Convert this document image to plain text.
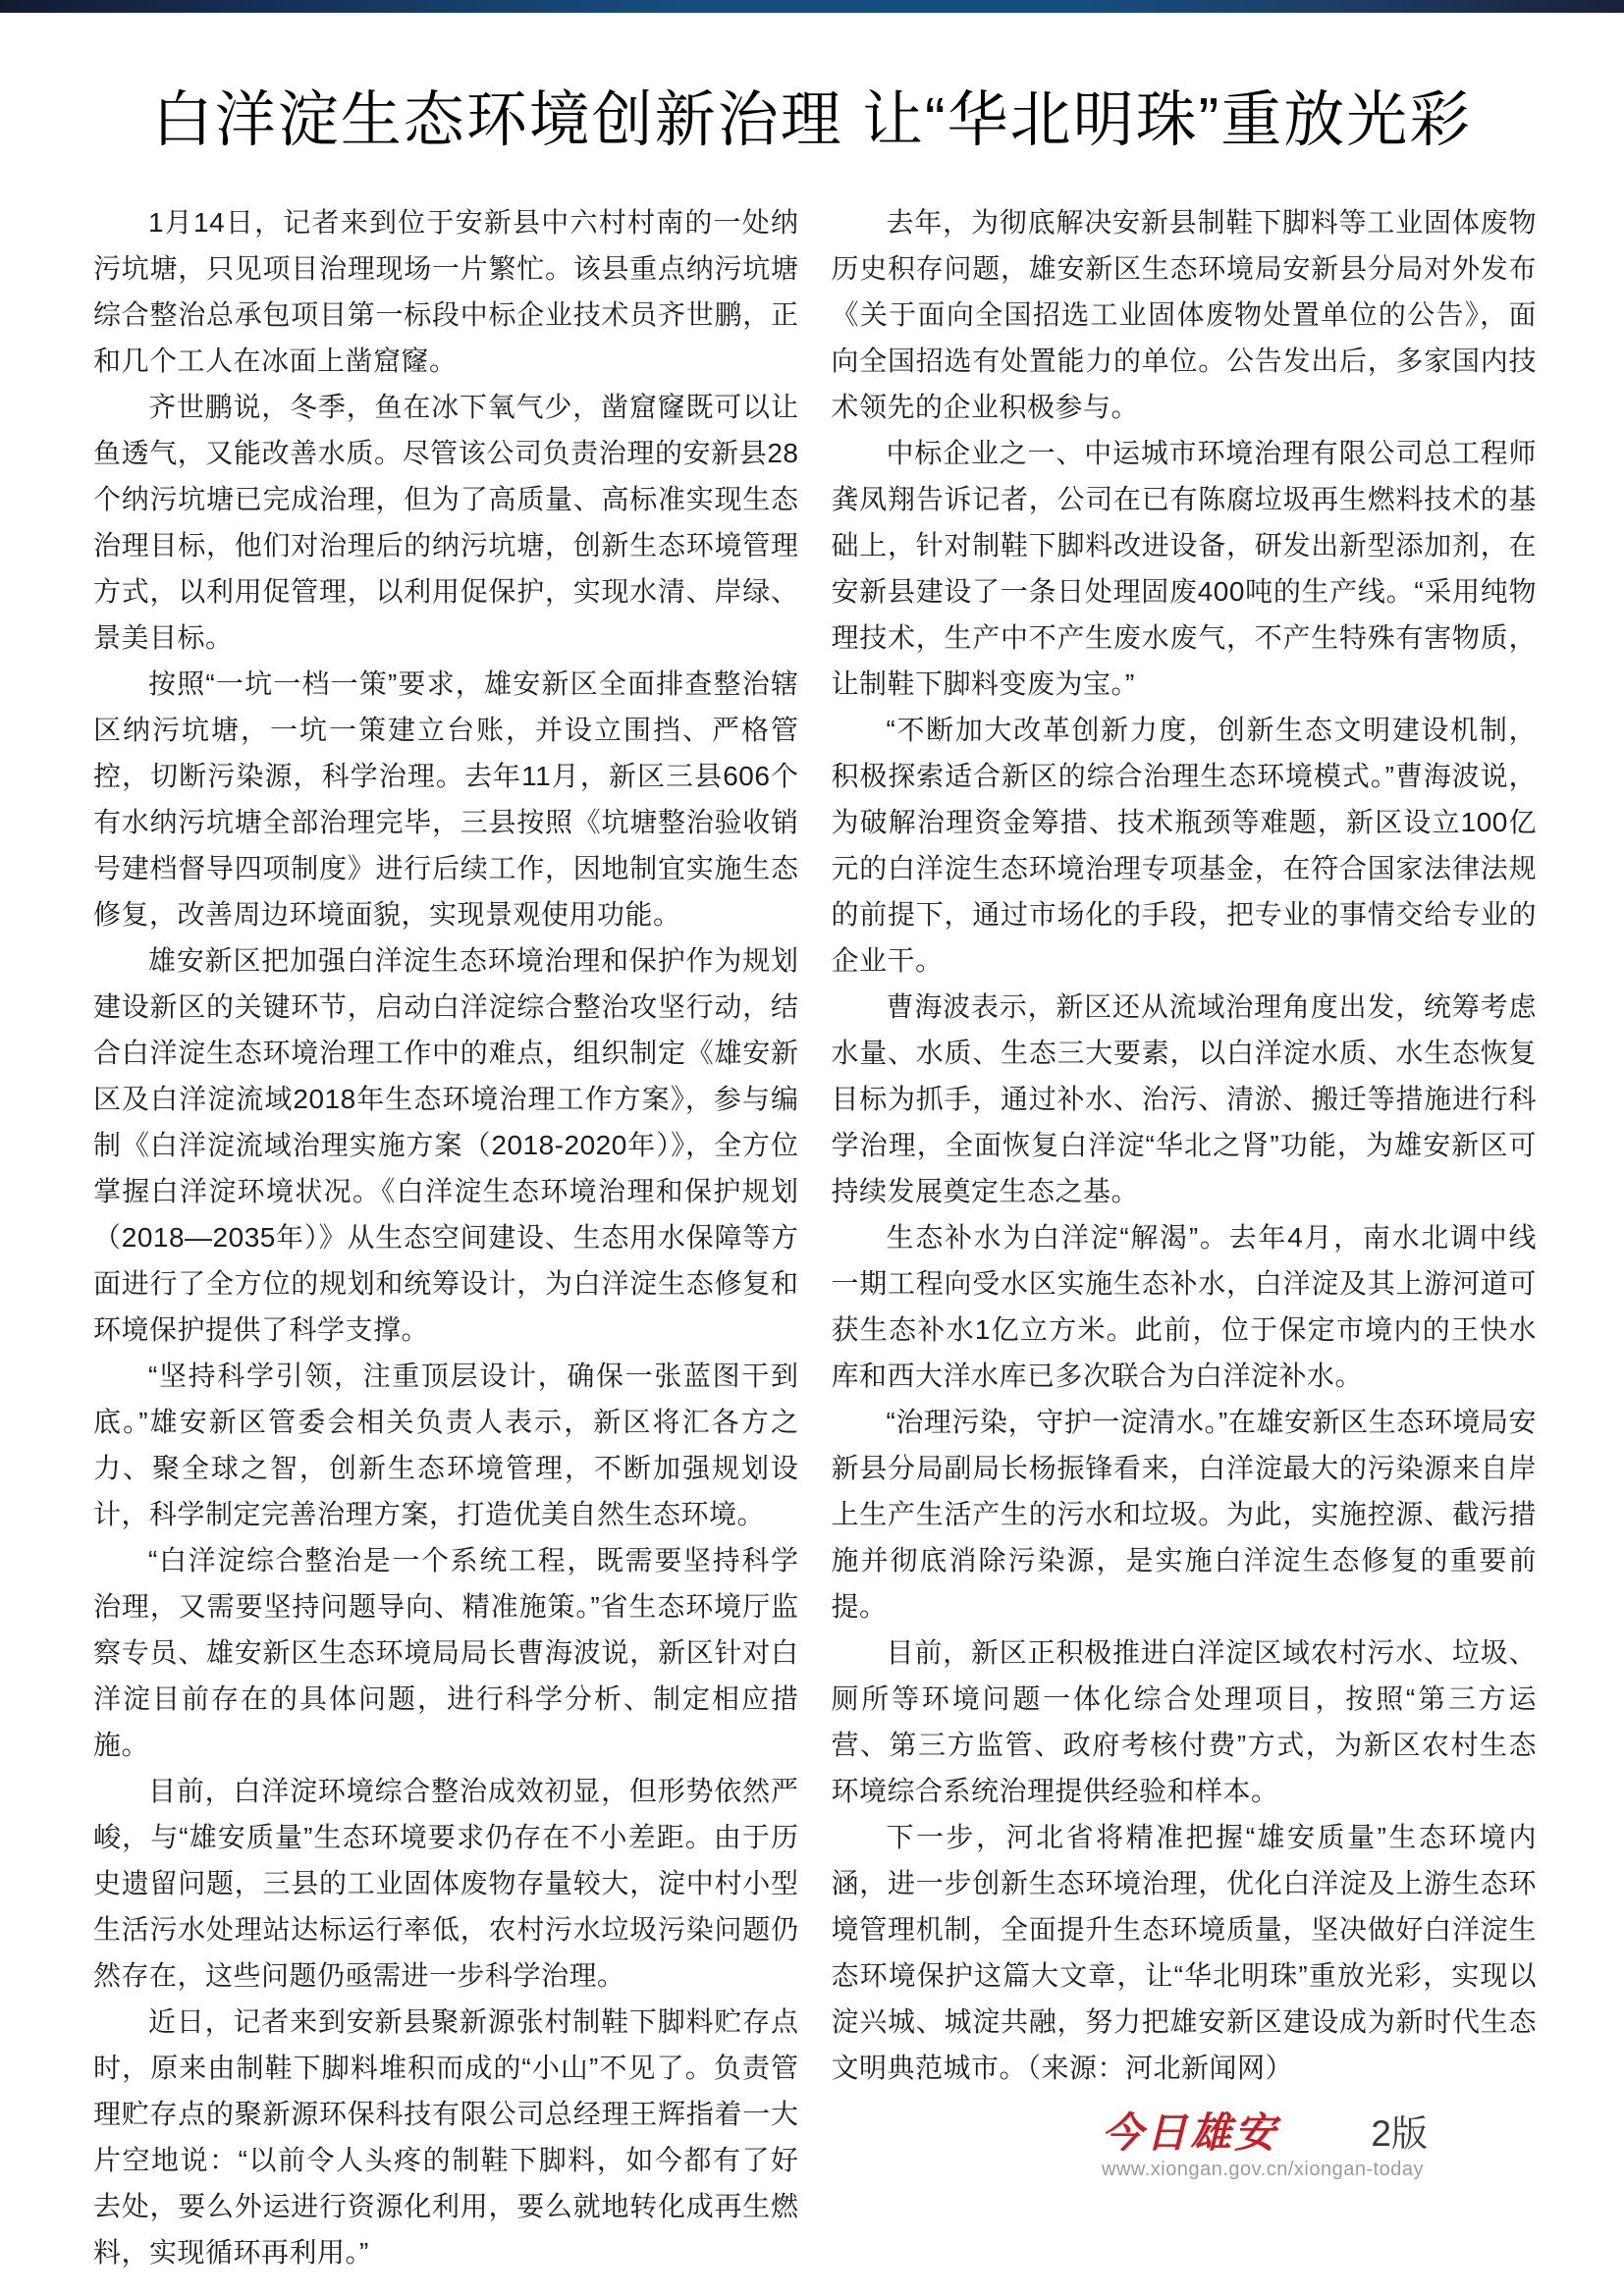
白洋淀生态环境创新治理 让“华北明珠”重放光彩

1月14日，记者来到位于安新县中六村村南的一处纳污坑塘，只见项目治理现场一片繁忙。该县重点纳污坑塘综合整治总承包项目第一标段中标企业技术员齐世鹏，正和几个工人在冰面上凿窟窿。

齐世鹏说，冬季，鱼在冰下氧气少，凿窟窿既可以让鱼透气，又能改善水质。尽管该公司负责治理的安新县28个纳污坑塘已完成治理，但为了高质量、高标准实现生态治理目标，他们对治理后的纳污坑塘，创新生态环境管理方式，以利用促管理，以利用促保护，实现水清、岸绿、景美目标。

按照“一坑一档一策”要求，雄安新区全面排查整治辖区纳污坑塘，一坑一策建立台账，并设立围挡、严格管控，切断污染源，科学治理。去年11月，新区三县606个有水纳污坑塘全部治理完毕，三县按照《坑塘整治验收销号建档督导四项制度》进行后续工作，因地制宜实施生态修复，改善周边环境面貌，实现景观使用功能。

雄安新区把加强白洋淀生态环境治理和保护作为规划建设新区的关键环节，启动白洋淀综合整治攻坚行动，结合白洋淀生态环境治理工作中的难点，组织制定《雄安新区及白洋淀流域2018年生态环境治理工作方案》，参与编制《白洋淀流域治理实施方案（2018-2020年）》，全方位掌握白洋淀环境状况。《白洋淀生态环境治理和保护规划（2018—2035年）》从生态空间建设、生态用水保障等方面进行了全方位的规划和统筹设计，为白洋淀生态修复和环境保护提供了科学支撑。

“坚持科学引领，注重顶层设计，确保一张蓝图干到底。”雄安新区管委会相关负责人表示，新区将汇各方之力、聚全球之智，创新生态环境管理，不断加强规划设计，科学制定完善治理方案，打造优美自然生态环境。

“白洋淀综合整治是一个系统工程，既需要坚持科学治理，又需要坚持问题导向、精准施策。”省生态环境厅监察专员、雄安新区生态环境局局长曹海波说，新区针对白洋淀目前存在的具体问题，进行科学分析、制定相应措施。

目前，白洋淀环境综合整治成效初显，但形势依然严峻，与“雄安质量”生态环境要求仍存在不小差距。由于历史遗留问题，三县的工业固体废物存量较大，淀中村小型生活污水处理站达标运行率低，农村污水垃圾污染问题仍然存在，这些问题仍亟需进一步科学治理。

近日，记者来到安新县聚新源张村制鞋下脚料贮存点时，原来由制鞋下脚料堆积而成的“小山”不见了。负责管理贮存点的聚新源环保科技有限公司总经理王辉指着一大片空地说：“以前令人头疼的制鞋下脚料，如今都有了好去处，要么外运进行资源化利用，要么就地转化成再生燃料，实现循环再利用。”

去年，为彻底解决安新县制鞋下脚料等工业固体废物历史积存问题，雄安新区生态环境局安新县分局对外发布《关于面向全国招选工业固体废物处置单位的公告》，面向全国招选有处置能力的单位。公告发出后，多家国内技术领先的企业积极参与。

中标企业之一、中运城市环境治理有限公司总工程师龚凤翔告诉记者，公司在已有陈腐垃圾再生燃料技术的基础上，针对制鞋下脚料改进设备，研发出新型添加剂，在安新县建设了一条日处理固废400吨的生产线。“采用纯物理技术，生产中不产生废水废气，不产生特殊有害物质，让制鞋下脚料变废为宝。”

“不断加大改革创新力度，创新生态文明建设机制，积极探索适合新区的综合治理生态环境模式。”曹海波说，为破解治理资金筹措、技术瓶颈等难题，新区设立100亿元的白洋淀生态环境治理专项基金，在符合国家法律法规的前提下，通过市场化的手段，把专业的事情交给专业的企业干。

曹海波表示，新区还从流域治理角度出发，统筹考虑水量、水质、生态三大要素，以白洋淀水质、水生态恢复目标为抓手，通过补水、治污、清淤、搬迁等措施进行科学治理，全面恢复白洋淀“华北之肾”功能，为雄安新区可持续发展奠定生态之基。

生态补水为白洋淀“解渴”。去年4月，南水北调中线一期工程向受水区实施生态补水，白洋淀及其上游河道可获生态补水1亿立方米。此前，位于保定市境内的王快水库和西大洋水库已多次联合为白洋淀补水。

“治理污染，守护一淀清水。”在雄安新区生态环境局安新县分局副局长杨振锋看来，白洋淀最大的污染源来自岸上生产生活产生的污水和垃圾。为此，实施控源、截污措施并彻底消除污染源，是实施白洋淀生态修复的重要前提。

目前，新区正积极推进白洋淀区域农村污水、垃圾、厕所等环境问题一体化综合处理项目，按照“第三方运营、第三方监管、政府考核付费”方式，为新区农村生态环境综合系统治理提供经验和样本。

下一步，河北省将精准把握“雄安质量”生态环境内涵，进一步创新生态环境治理，优化白洋淀及上游生态环境管理机制，全面提升生态环境质量，坚决做好白洋淀生态环境保护这篇大文章，让“华北明珠”重放光彩，实现以淀兴城、城淀共融，努力把雄安新区建设成为新时代生态文明典范城市。（来源：河北新闻网）

今日雄安	2版
www.xiongan.gov.cn/xiongan-today
